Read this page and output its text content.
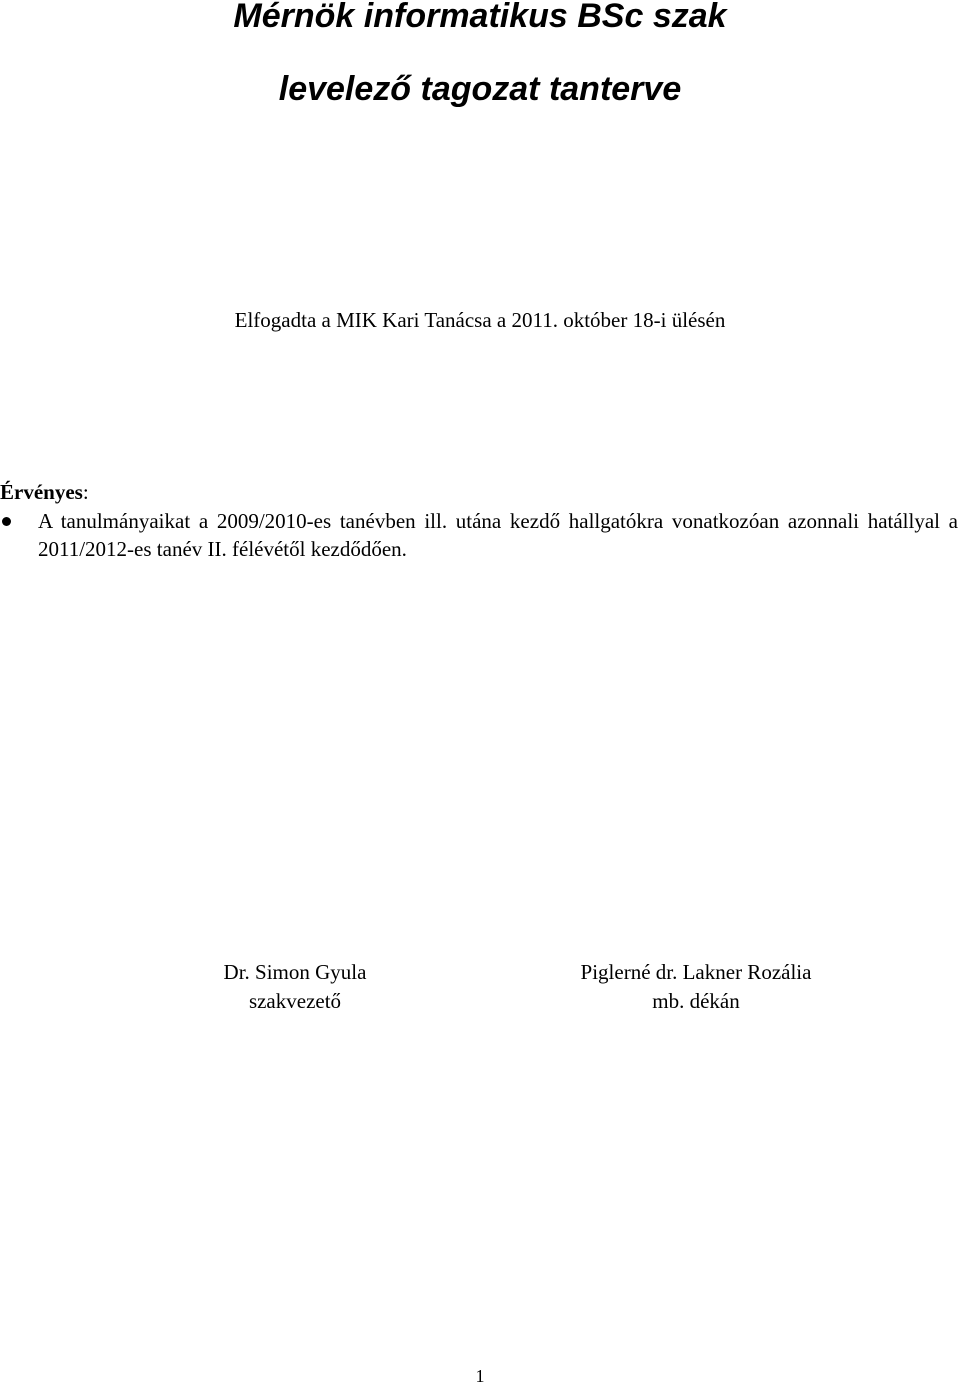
Mérnök informatikus BSc szak
levelező tagozat tanterve

Elfogadta a MIK Kari Tanácsa a 2011. október 18-i ülésén

Érvényes:

A tanulmányaikat a 2009/2010-es tanévben ill. utána kezdő hallgatókra vonatkozóan azonnali hatállyal a 2011/2012-es tanév II. félévétől kezdődően.
Dr. Simon Gyula
szakvezető
Piglerné dr. Lakner Rozália
mb. dékán
1
